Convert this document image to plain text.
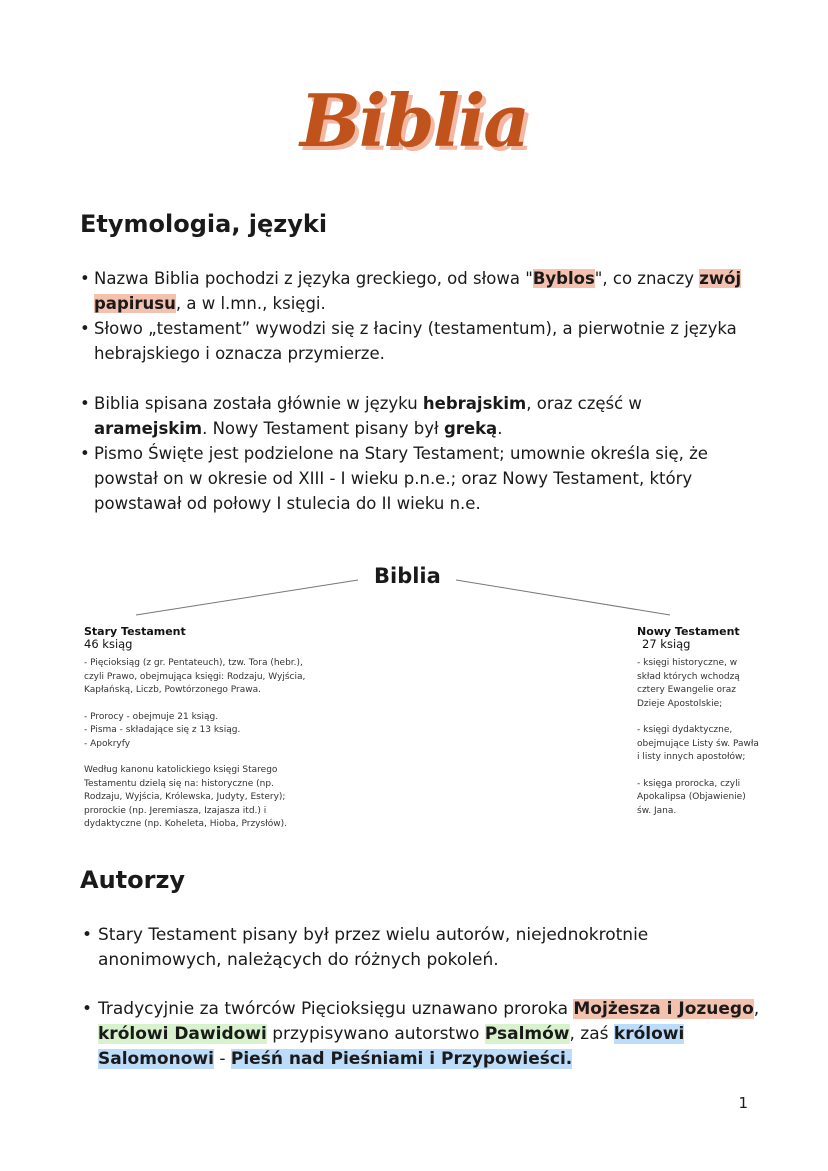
Biblia
Etymologia, języki
• Nazwa Biblia pochodzi z języka greckiego, od słowa "Byblos", co znaczy zwój papirusu, a w l.mn., księgi.
• Słowo „testament” wywodzi się z łaciny (testamentum), a pierwotnie z języka hebrajskiego i oznacza przymierze.
• Biblia spisana została głównie w języku hebrajskim, oraz część w aramejskim. Nowy Testament pisany był greką.
• Pismo Święte jest podzielone na Stary Testament; umownie określa się, że powstał on w okresie od XIII - I wieku p.n.e.; oraz Nowy Testament, który powstawał od połowy I stulecia do II wieku n.e.
Biblia
Stary Testament
46 ksiąg

- Pięcioksiąg (z gr. Pentateuch), tzw. Tora (hebr.),
czyli Prawo, obejmująca księgi: Rodzaju, Wyjścia,
Kapłańską, Liczb, Powtórzonego Prawa.

- Prorocy - obejmuje 21 ksiąg.
- Pisma - składające się z 13 ksiąg.
- Apokryfy

Według kanonu katolickiego księgi Starego
Testamentu dzielą się na: historyczne (np.
Rodzaju, Wyjścia, Królewska, Judyty, Estery);
prorockie (np. Jeremiasza, Izajasza itd.) i
dydaktyczne (np. Koheleta, Hioba, Przysłów).

Nowy Testament
27 ksiąg

- księgi historyczne, w
skład których wchodzą
cztery Ewangelie oraz
Dzieje Apostolskie;

- księgi dydaktyczne,
obejmujące Listy św. Pawła
i listy innych apostołów;

- księga prorocka, czyli
Apokalipsa (Objawienie)
św. Jana.

Autorzy
• Stary Testament pisany był przez wielu autorów, niejednokrotnie anonimowych, należących do różnych pokoleń.
• Tradycyjnie za twórców Pięcioksięgu uznawano proroka Mojżesza i Jozuego, królowi Dawidowi przypisywano autorstwo Psalmów, zaś królowi Salomonowi - Pieśń nad Pieśniami i Przypowieści.
1
